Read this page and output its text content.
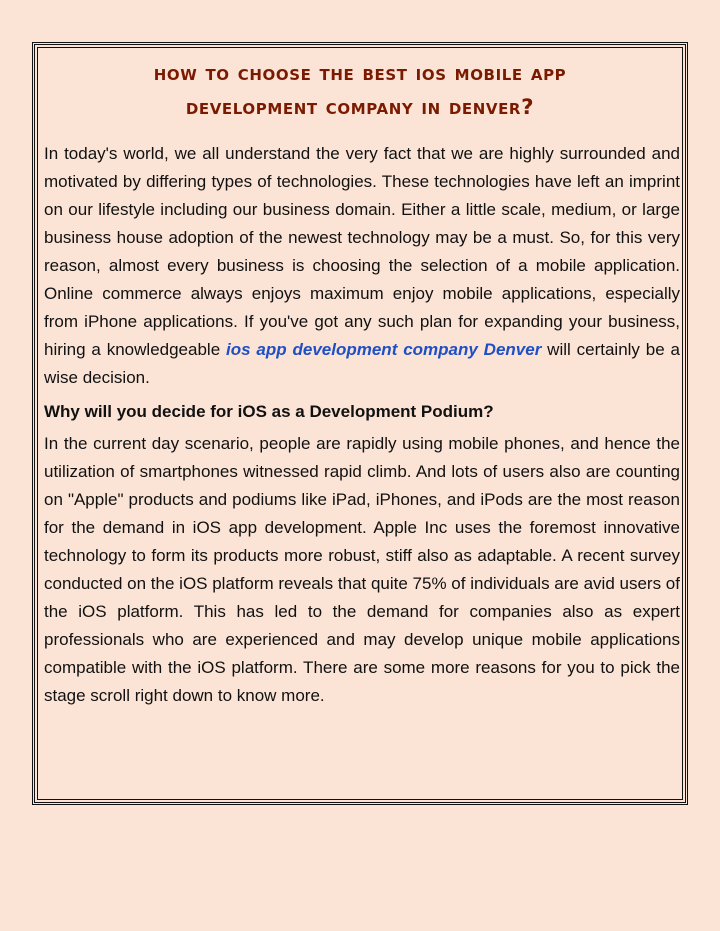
how to choose the best ios mobile app
development company in denver?

In today's world, we all understand the very fact that we are highly surrounded and motivated by differing types of technologies. These technologies have left an imprint on our lifestyle including our business domain. Either a little scale, medium, or large business house adoption of the newest technology may be a must. So, for this very reason, almost every business is choosing the selection of a mobile application. Online commerce always enjoys maximum enjoy mobile applications, especially from iPhone applications. If you've got any such plan for expanding your business, hiring a knowledgeable ios app development company Denver will certainly be a wise decision.

Why will you decide for iOS as a Development Podium?

In the current day scenario, people are rapidly using mobile phones, and hence the utilization of smartphones witnessed rapid climb. And lots of users also are counting on "Apple" products and podiums like iPad, iPhones, and iPods are the most reason for the demand in iOS app development. Apple Inc uses the foremost innovative technology to form its products more robust, stiff also as adaptable. A recent survey conducted on the iOS platform reveals that quite 75% of individuals are avid users of the iOS platform. This has led to the demand for companies also as expert professionals who are experienced and may develop unique mobile applications compatible with the iOS platform. There are some more reasons for you to pick the stage scroll right down to know more.
